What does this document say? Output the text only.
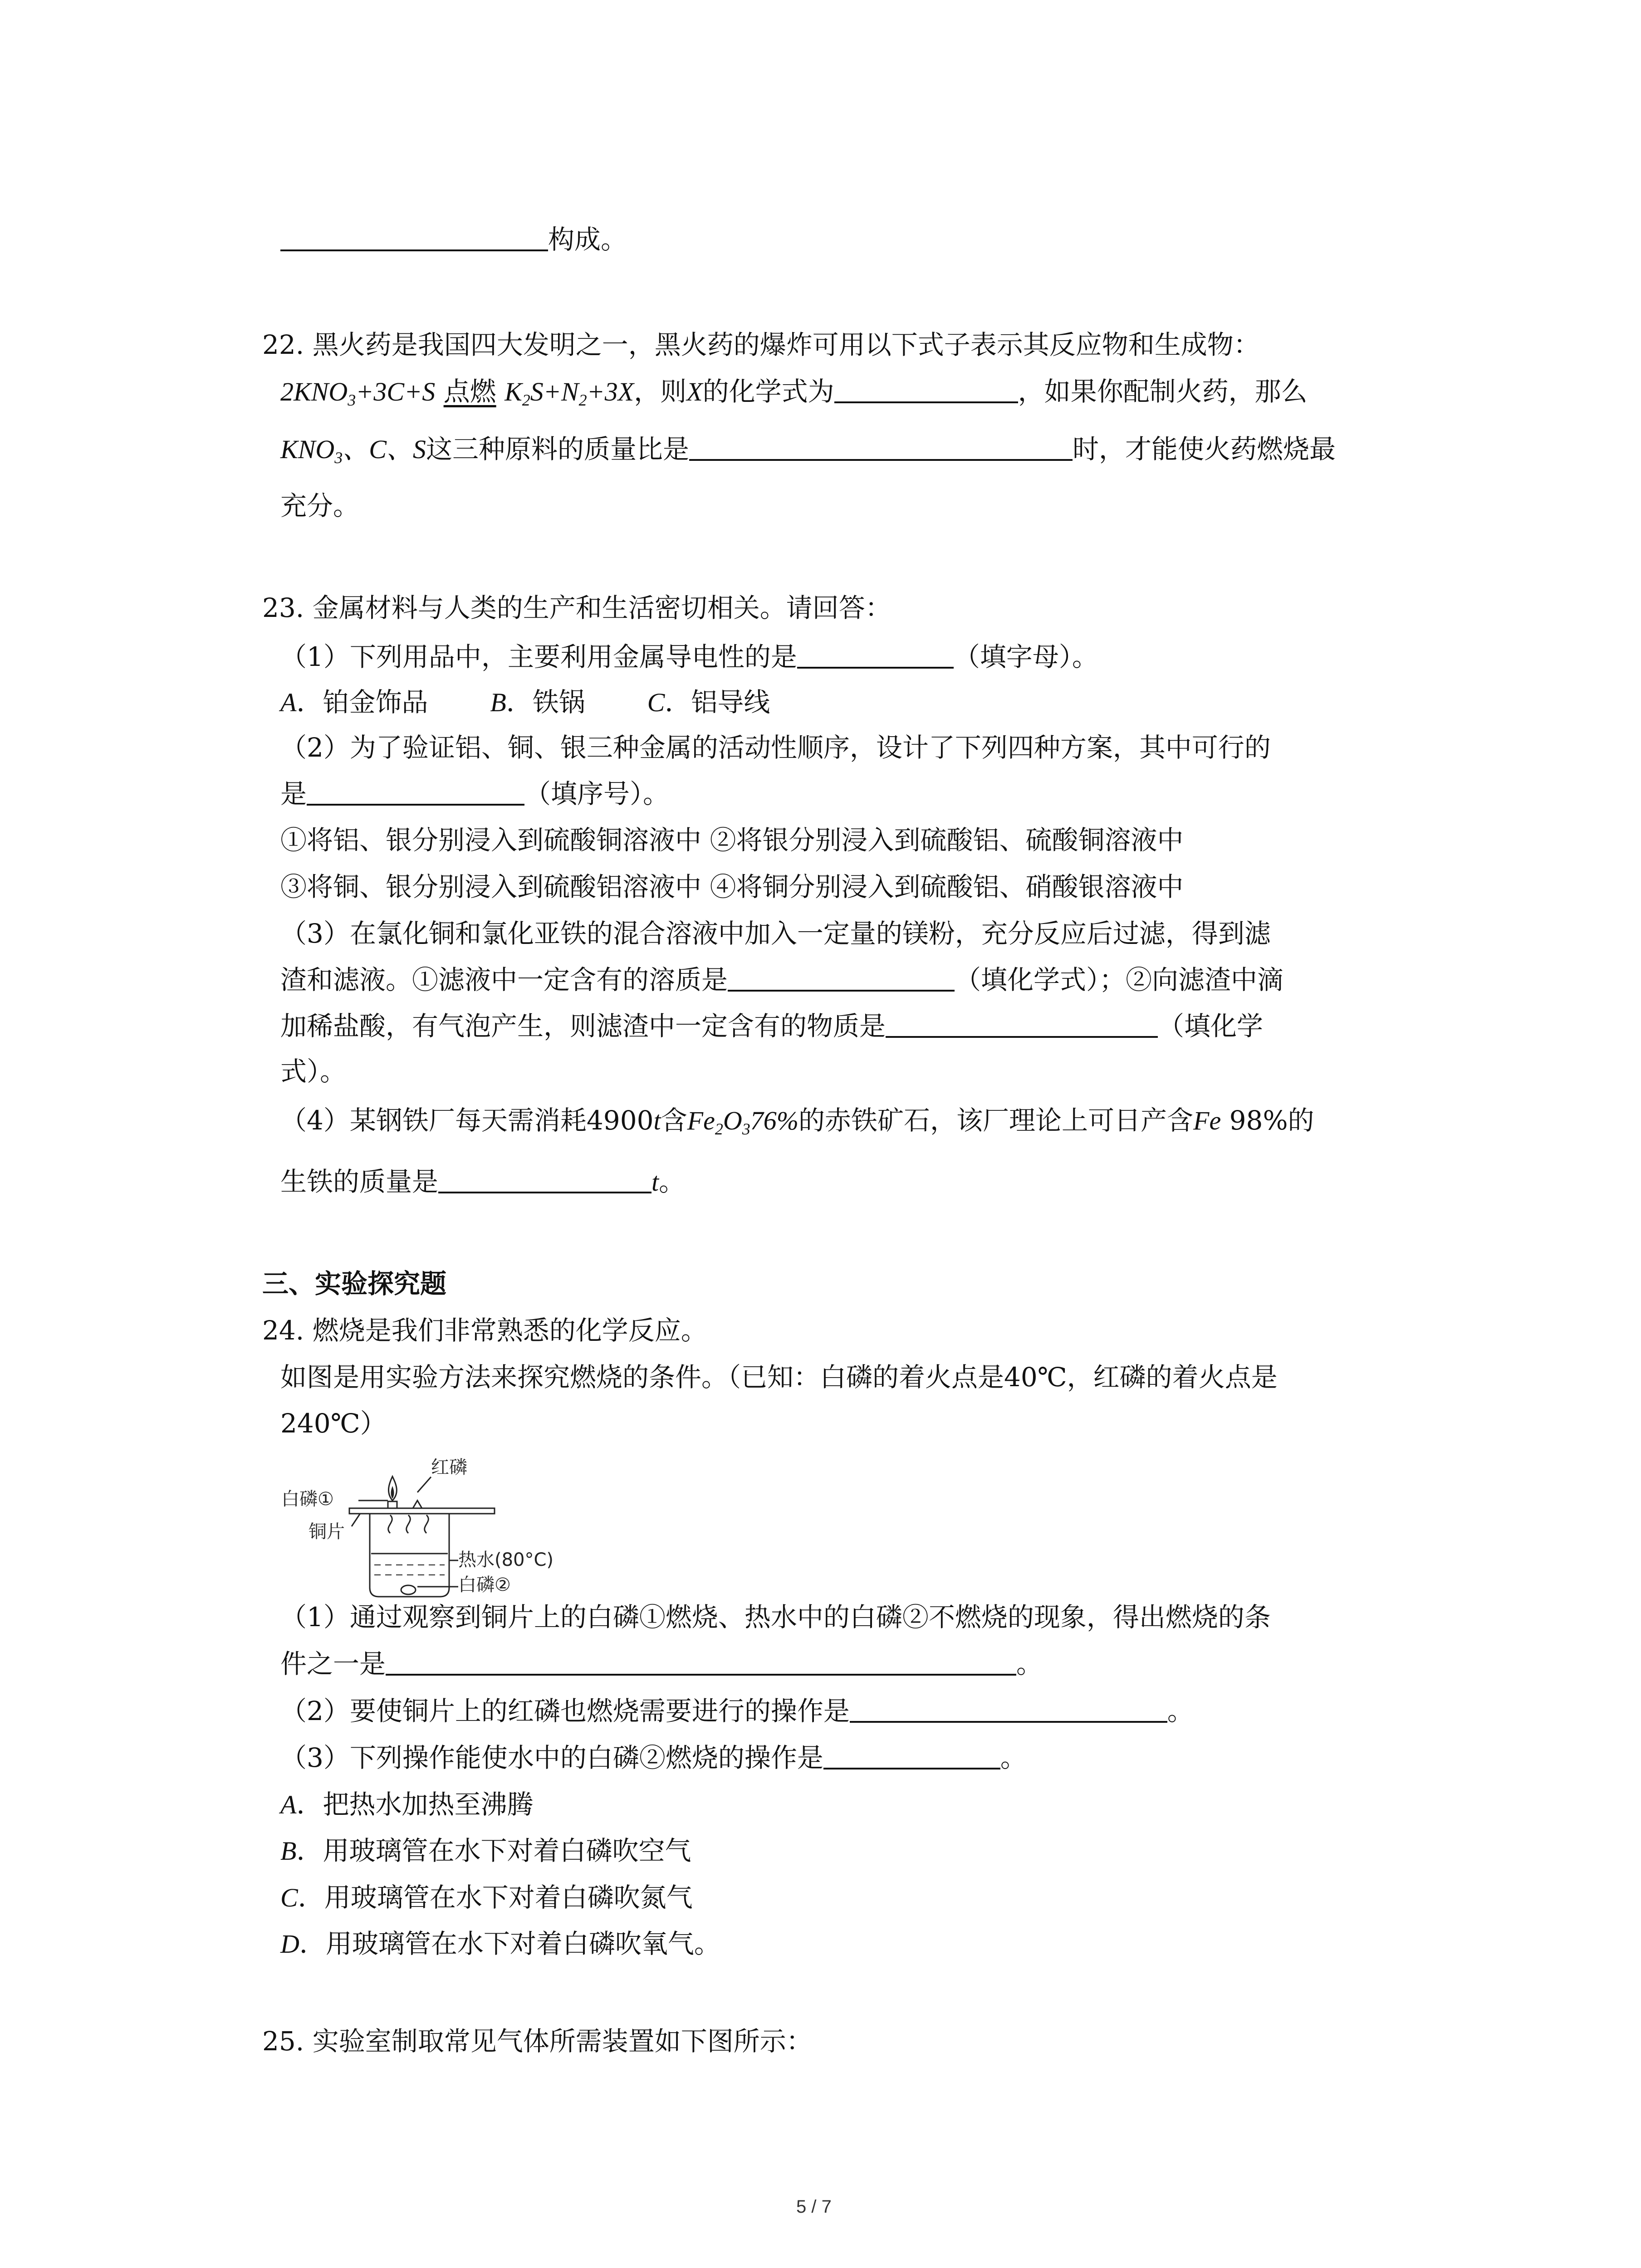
构成。
22. 黑火药是我国四大发明之一，黑火药的爆炸可用以下式子表示其反应物和生成物：
$2KNO_3+3C+S$ 点燃 $K_2S+N_2+3X$，则X的化学式为	，如果你配制火药，那么
$KNO_3$、C、S这三种原料的质量比是	时，才能使火药燃烧最
充分。
23. 金属材料与人类的生产和生活密切相关。请回答：
（1）下列用品中，主要利用金属导电性的是	（填字母）。
A．铂金饰品 B．铁锅 C．铝导线
（2）为了验证铝、铜、银三种金属的活动性顺序，设计了下列四种方案，其中可行的
是	（填序号）。
①将铝、银分别浸入到硫酸铜溶液中 ②将银分别浸入到硫酸铝、硫酸铜溶液中
③将铜、银分别浸入到硫酸铝溶液中 ④将铜分别浸入到硫酸铝、硝酸银溶液中
（3）在氯化铜和氯化亚铁的混合溶液中加入一定量的镁粉，充分反应后过滤，得到滤
渣和滤液。①滤液中一定含有的溶质是	（填化学式）；②向滤渣中滴
加稀盐酸，有气泡产生，则滤渣中一定含有的物质是	（填化学
式）。
（4）某钢铁厂每天需消耗4900t含$Fe_2O_376\%$的赤铁矿石，该厂理论上可日产含Fe 98%的
生铁的质量是	t。
三、实验探究题
24. 燃烧是我们非常熟悉的化学反应。
如图是用实验方法来探究燃烧的条件。（已知：白磷的着火点是40℃，红磷的着火点是
240℃）
红磷
白磷①
铜片
热水(80°C)
白磷②
（1）通过观察到铜片上的白磷①燃烧、热水中的白磷②不燃烧的现象，得出燃烧的条
件之一是	。
（2）要使铜片上的红磷也燃烧需要进行的操作是	。
（3）下列操作能使水中的白磷②燃烧的操作是	。
A．把热水加热至沸腾
B．用玻璃管在水下对着白磷吹空气
C．用玻璃管在水下对着白磷吹氮气
D．用玻璃管在水下对着白磷吹氧气。
25. 实验室制取常见气体所需装置如下图所示：
5 / 7
